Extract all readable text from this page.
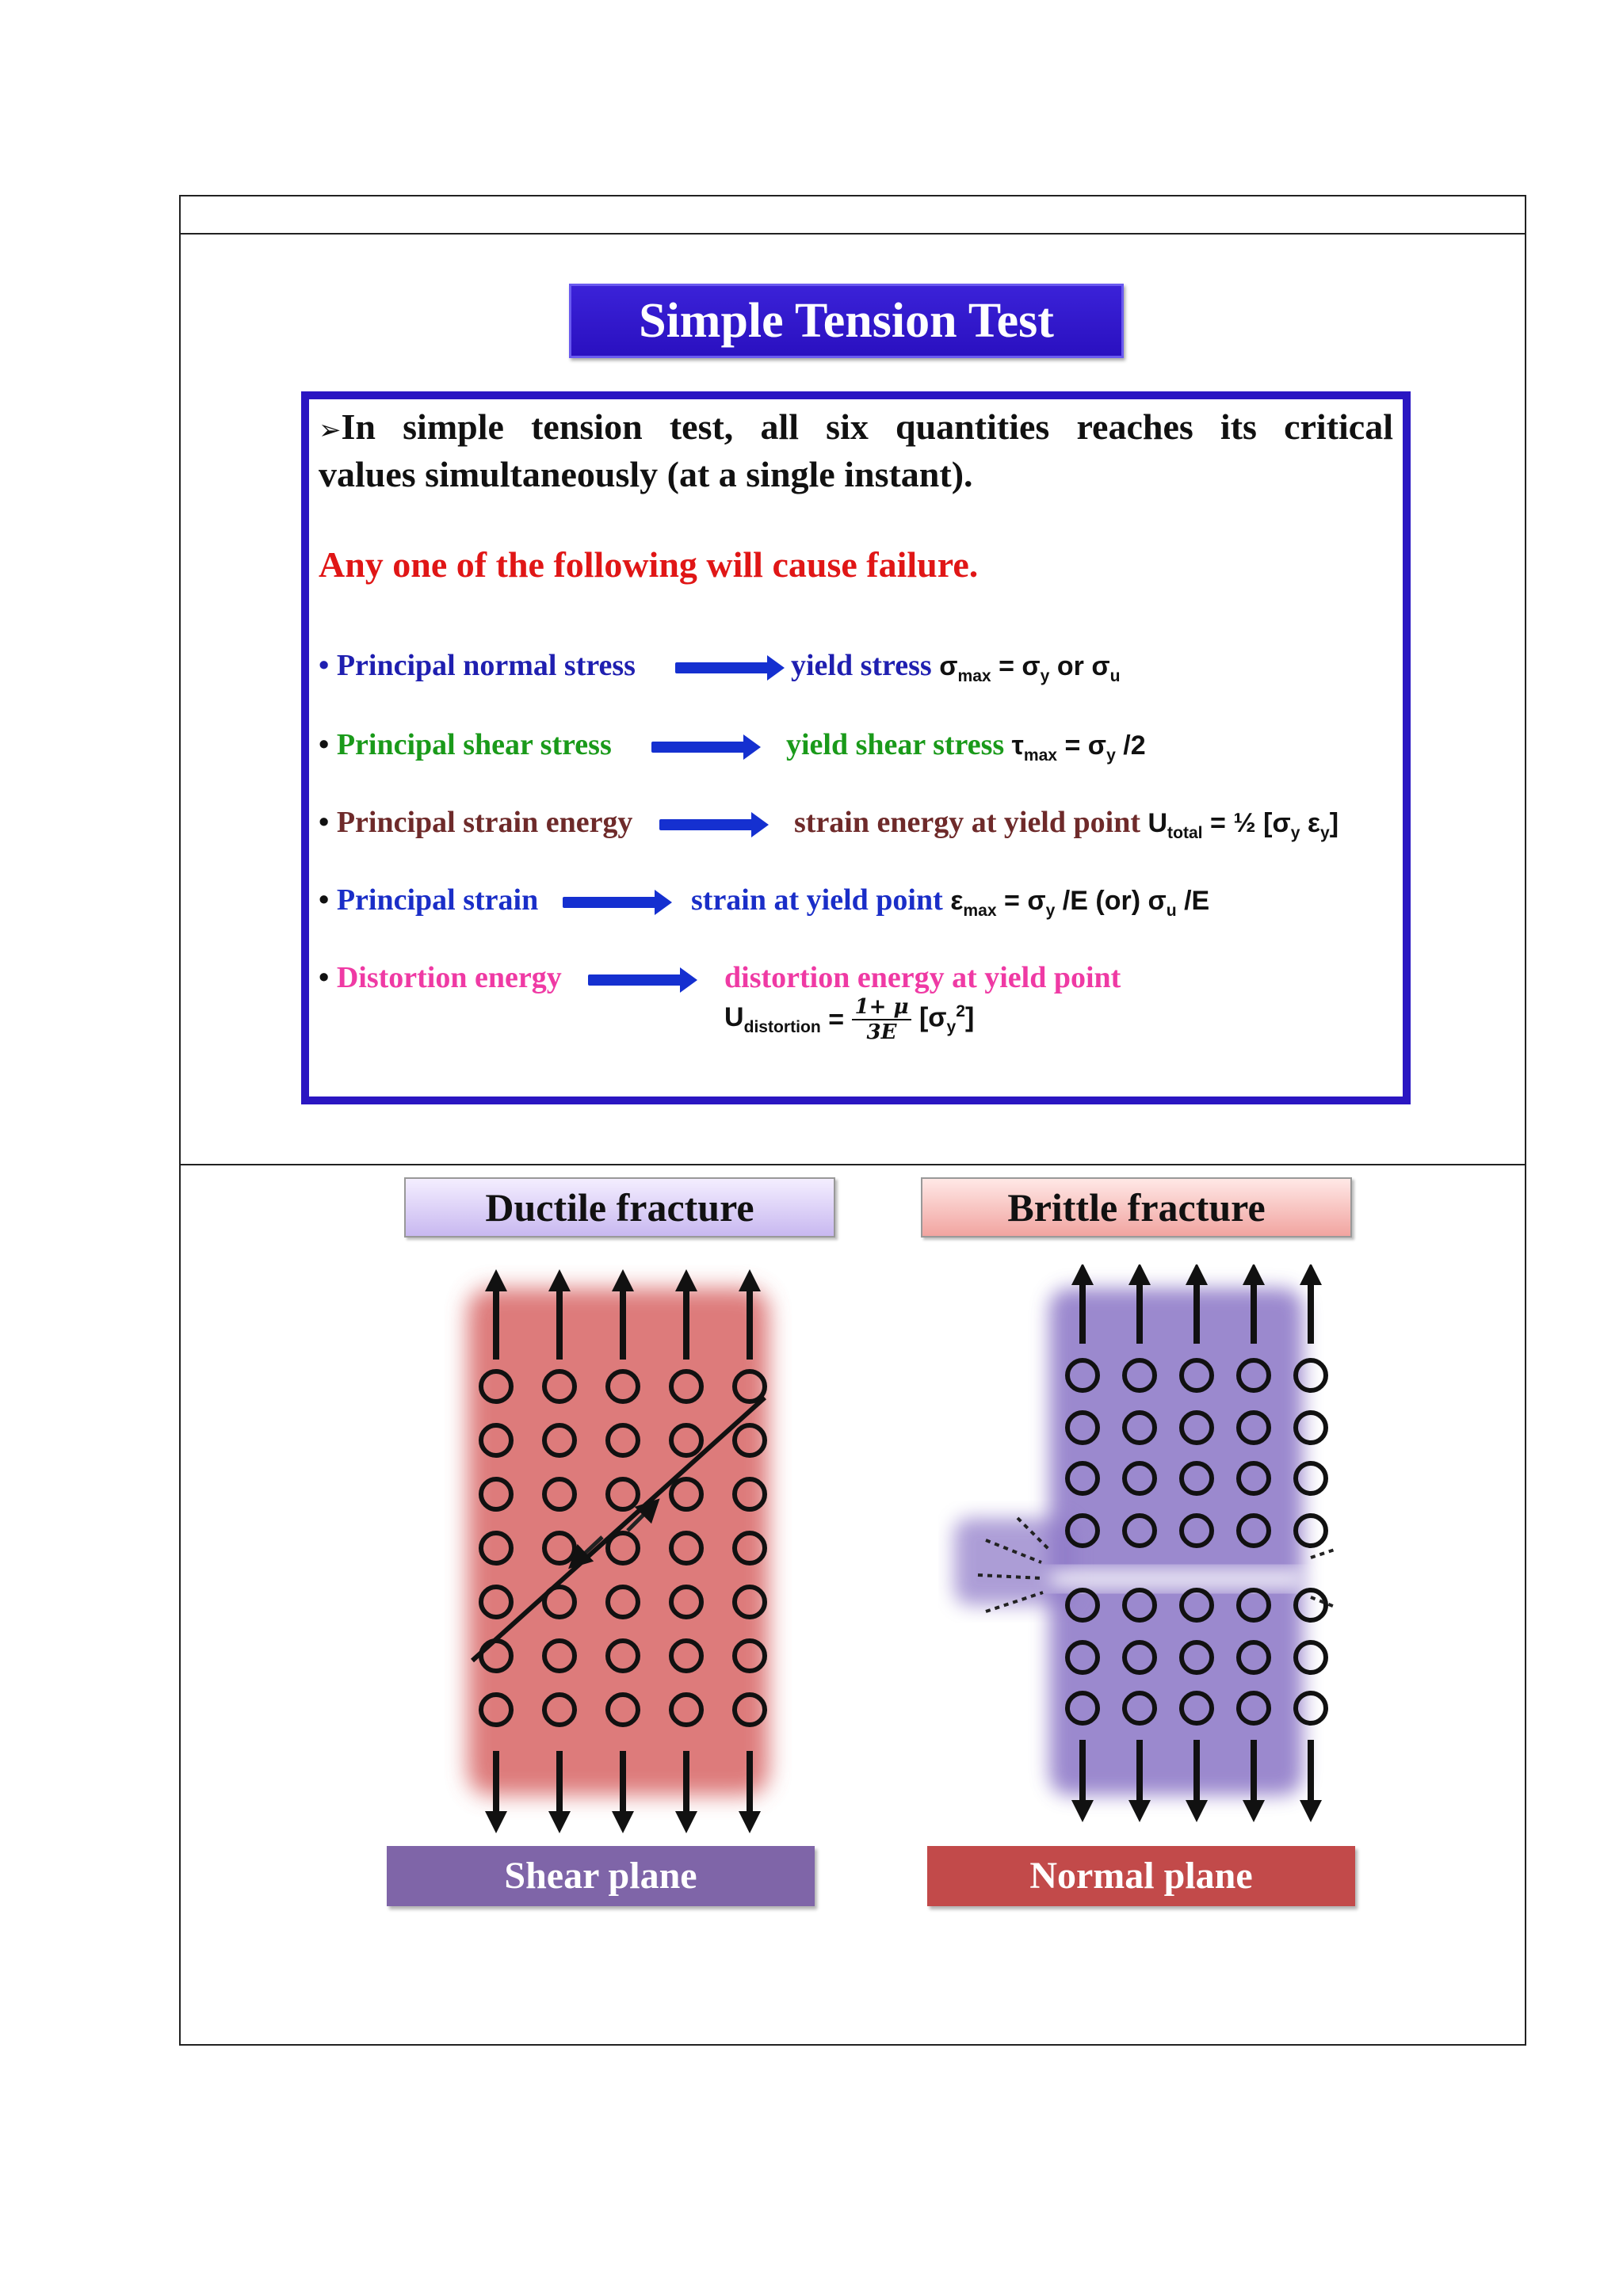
Simple Tension Test
➢In simple tension test, all six quantities reaches its critical
values simultaneously (at a single instant).
Any one of the following will cause failure.
• Principal normal stress	yield stress $\sigma_{max} = \sigma_y$ or $\sigma_u$
• Principal shear stress	yield shear stress $\tau_{max} = \sigma_y$ /2
• Principal strain energy	strain energy at yield point $U_{total}$ = ½ [$\sigma_y$ $\varepsilon_y$]
• Principal strain	strain at yield point $\varepsilon_{max} = \sigma_y$ /E (or) $\sigma_u$ /E
• Distortion energy	distortion energy at yield point
$U_{distortion} = \frac{1+ \mu}{3E} [\sigma_y^2]$
Ductile fracture	Brittle fracture
Shear plane	Normal plane
